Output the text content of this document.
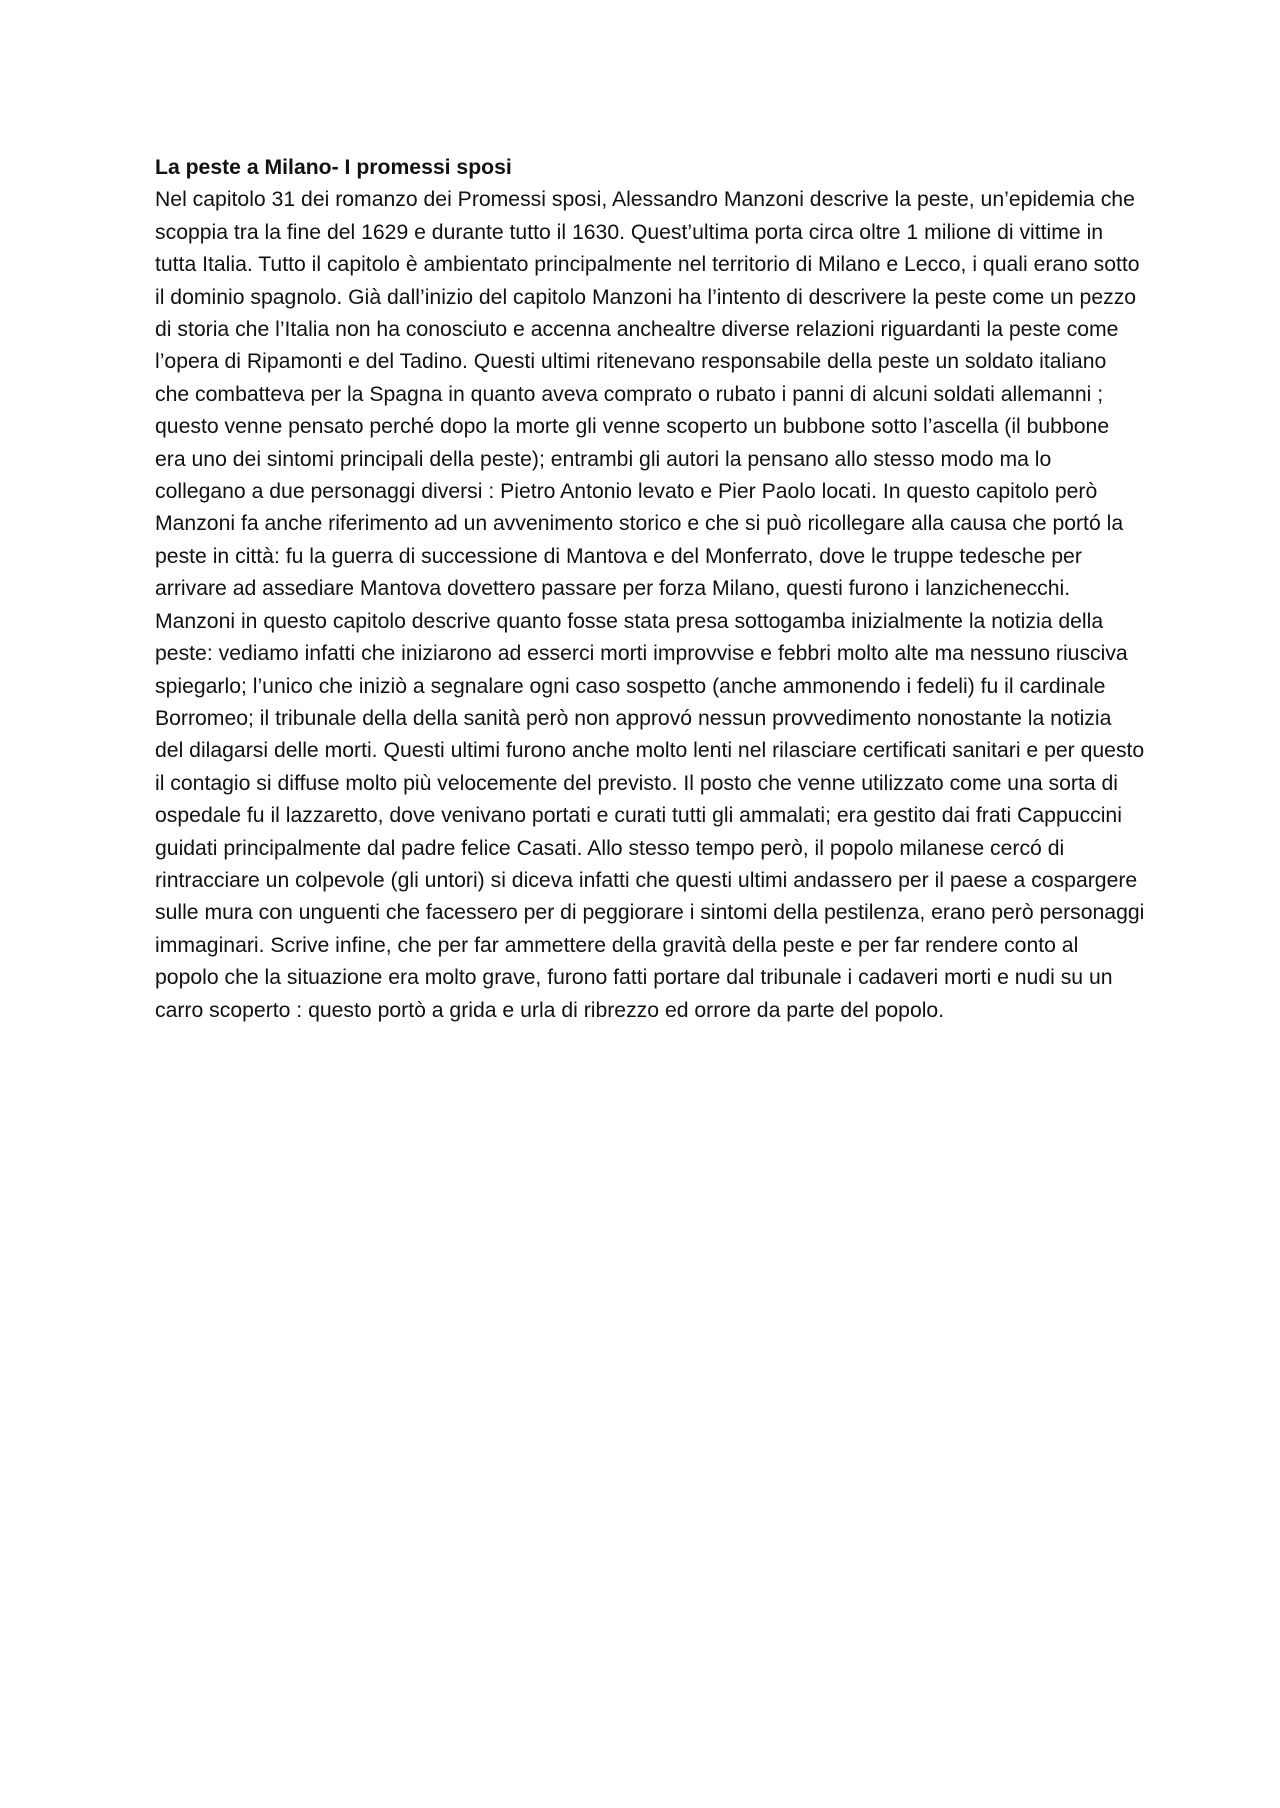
La peste a Milano- I promessi sposi

Nel capitolo 31 dei romanzo dei Promessi sposi, Alessandro Manzoni descrive la peste, un’epidemia che scoppia tra la fine del 1629 e durante tutto il 1630. Quest’ultima porta circa oltre 1 milione di vittime in tutta Italia. Tutto il capitolo è ambientato principalmente nel territorio di Milano e Lecco, i quali erano sotto il dominio spagnolo. Già dall’inizio del capitolo Manzoni ha l’intento di descrivere la peste come un pezzo di storia che l’Italia non ha conosciuto e accenna anchealtre diverse relazioni riguardanti la peste come l’opera di Ripamonti e del Tadino. Questi ultimi ritenevano responsabile della peste un soldato italiano che combatteva per la Spagna in quanto aveva comprato o rubato i panni di alcuni soldati allemanni ; questo venne pensato perché dopo la morte gli venne scoperto un bubbone sotto l’ascella (il bubbone era uno dei sintomi principali della peste); entrambi gli autori la pensano allo stesso modo ma lo collegano a due personaggi diversi : Pietro Antonio levato e Pier Paolo locati. In questo capitolo però Manzoni fa anche riferimento ad un avvenimento storico e che si può ricollegare alla causa che portó la peste in città: fu la guerra di successione di Mantova e del Monferrato, dove le truppe tedesche per arrivare ad assediare Mantova dovettero passare per forza Milano, questi furono i lanzichenecchi.

Manzoni in questo capitolo descrive quanto fosse stata presa sottogamba inizialmente la notizia della peste: vediamo infatti che iniziarono ad esserci morti improvvise e febbri molto alte ma nessuno riusciva spiegarlo; l’unico che iniziò a segnalare ogni caso sospetto (anche ammonendo i fedeli) fu il cardinale Borromeo; il tribunale della della sanità però non approvó nessun provvedimento nonostante la notizia del dilagarsi delle morti. Questi ultimi furono anche molto lenti nel rilasciare certificati sanitari e per questo il contagio si diffuse molto più velocemente del previsto. Il posto che venne utilizzato come una sorta di ospedale fu il lazzaretto, dove venivano portati e curati tutti gli ammalati; era gestito dai frati Cappuccini guidati principalmente dal padre felice Casati. Allo stesso tempo però, il popolo milanese cercó di rintracciare un colpevole (gli untori) si diceva infatti che questi ultimi andassero per il paese a cospargere sulle mura con unguenti che facessero per di peggiorare i sintomi della pestilenza, erano però personaggi immaginari. Scrive infine, che per far ammettere della gravità della peste e per far rendere conto al popolo che la situazione era molto grave, furono fatti portare dal tribunale i cadaveri morti e nudi su un carro scoperto : questo portò a grida e urla di ribrezzo ed orrore da parte del popolo.
